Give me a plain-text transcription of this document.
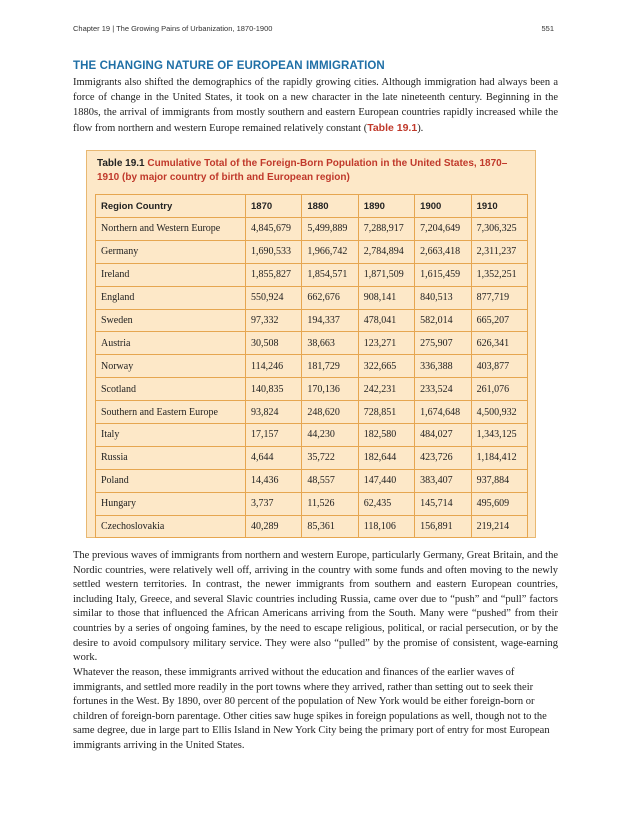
Chapter 19 | The Growing Pains of Urbanization, 1870-1900	551
THE CHANGING NATURE OF EUROPEAN IMMIGRATION

Immigrants also shifted the demographics of the rapidly growing cities. Although immigration had always been a force of change in the United States, it took on a new character in the late nineteenth century. Beginning in the 1880s, the arrival of immigrants from mostly southern and eastern European countries rapidly increased while the flow from northern and western Europe remained relatively constant (Table 19.1).

Table 19.1 Cumulative Total of the Foreign-Born Population in the United States, 1870–1910 (by major country of birth and European region)
Region Country	1870	1880	1890	1900	1910
Northern and Western Europe	4,845,679	5,499,889	7,288,917	7,204,649	7,306,325
Germany	1,690,533	1,966,742	2,784,894	2,663,418	2,311,237
Ireland	1,855,827	1,854,571	1,871,509	1,615,459	1,352,251
England	550,924	662,676	908,141	840,513	877,719
Sweden	97,332	194,337	478,041	582,014	665,207
Austria	30,508	38,663	123,271	275,907	626,341
Norway	114,246	181,729	322,665	336,388	403,877
Scotland	140,835	170,136	242,231	233,524	261,076
Southern and Eastern Europe	93,824	248,620	728,851	1,674,648	4,500,932
Italy	17,157	44,230	182,580	484,027	1,343,125
Russia	4,644	35,722	182,644	423,726	1,184,412
Poland	14,436	48,557	147,440	383,407	937,884
Hungary	3,737	11,526	62,435	145,714	495,609
Czechoslovakia	40,289	85,361	118,106	156,891	219,214

The previous waves of immigrants from northern and western Europe, particularly Germany, Great Britain, and the Nordic countries, were relatively well off, arriving in the country with some funds and often moving to the newly settled western territories. In contrast, the newer immigrants from southern and eastern European countries, including Italy, Greece, and several Slavic countries including Russia, came over due to “push” and “pull” factors similar to those that influenced the African Americans arriving from the South. Many were “pushed” from their countries by a series of ongoing famines, by the need to escape religious, political, or racial persecution, or by the desire to avoid compulsory military service. They were also “pulled” by the promise of consistent, wage-earning work.

Whatever the reason, these immigrants arrived without the education and finances of the earlier waves of immigrants, and settled more readily in the port towns where they arrived, rather than setting out to seek their fortunes in the West. By 1890, over 80 percent of the population of New York would be either foreign-born or children of foreign-born parentage. Other cities saw huge spikes in foreign populations as well, though not to the same degree, due in large part to Ellis Island in New York City being the primary port of entry for most European immigrants arriving in the United States.
